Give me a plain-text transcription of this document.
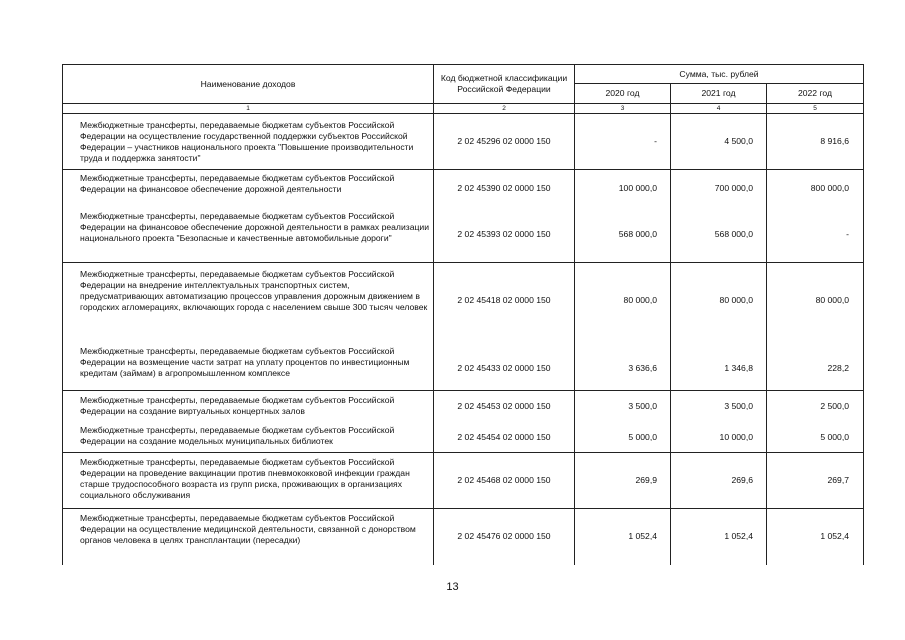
Наименование доходов	Код бюджетной классификации Российской Федерации	Сумма, тыс. рублей		
		2020 год	2021 год	2022 год
1	2	3	4	5
Межбюджетные трансферты, передаваемые бюджетам субъектов Российской Федерации на осуществление государственной поддержки субъектов Российской Федерации – участников национального проекта "Повышение производительности труда и поддержка занятости"	2 02 45296 02 0000 150	-	4 500,0	8 916,6
Межбюджетные трансферты, передаваемые бюджетам субъектов Российской Федерации на финансовое обеспечение дорожной деятельности	2 02 45390 02 0000 150	100 000,0	700 000,0	800 000,0
Межбюджетные трансферты, передаваемые бюджетам субъектов Российской Федерации на финансовое обеспечение дорожной деятельности в рамках реализации национального проекта "Безопасные и качественные автомобильные дороги"	2 02 45393 02 0000 150	568 000,0	568 000,0	-
Межбюджетные трансферты, передаваемые бюджетам субъектов Российской Федерации на внедрение интеллектуальных транспортных систем, предусматривающих автоматизацию процессов управления дорожным движением в городских агломерациях, включающих города с населением свыше 300 тысяч человек	2 02 45418 02 0000 150	80 000,0	80 000,0	80 000,0
Межбюджетные трансферты, передаваемые бюджетам субъектов Российской Федерации на возмещение части затрат на уплату процентов по инвестиционным кредитам (займам) в агропромышленном комплексе	2 02 45433 02 0000 150	3 636,6	1 346,8	228,2
Межбюджетные трансферты, передаваемые бюджетам субъектов Российской Федерации на создание виртуальных концертных залов	2 02 45453 02 0000 150	3 500,0	3 500,0	2 500,0
Межбюджетные трансферты, передаваемые бюджетам субъектов Российской Федерации на создание модельных муниципальных библиотек	2 02 45454 02 0000 150	5 000,0	10 000,0	5 000,0
Межбюджетные трансферты, передаваемые бюджетам субъектов Российской Федерации на проведение вакцинации против пневмококковой инфекции граждан старше трудоспособного возраста из групп риска, проживающих в организациях социального обслуживания	2 02 45468 02 0000 150	269,9	269,6	269,7
Межбюджетные трансферты, передаваемые бюджетам субъектов Российской Федерации на осуществление медицинской деятельности, связанной с донорством органов человека в целях трансплантации (пересадки)	2 02 45476 02 0000 150	1 052,4	1 052,4	1 052,4
13
